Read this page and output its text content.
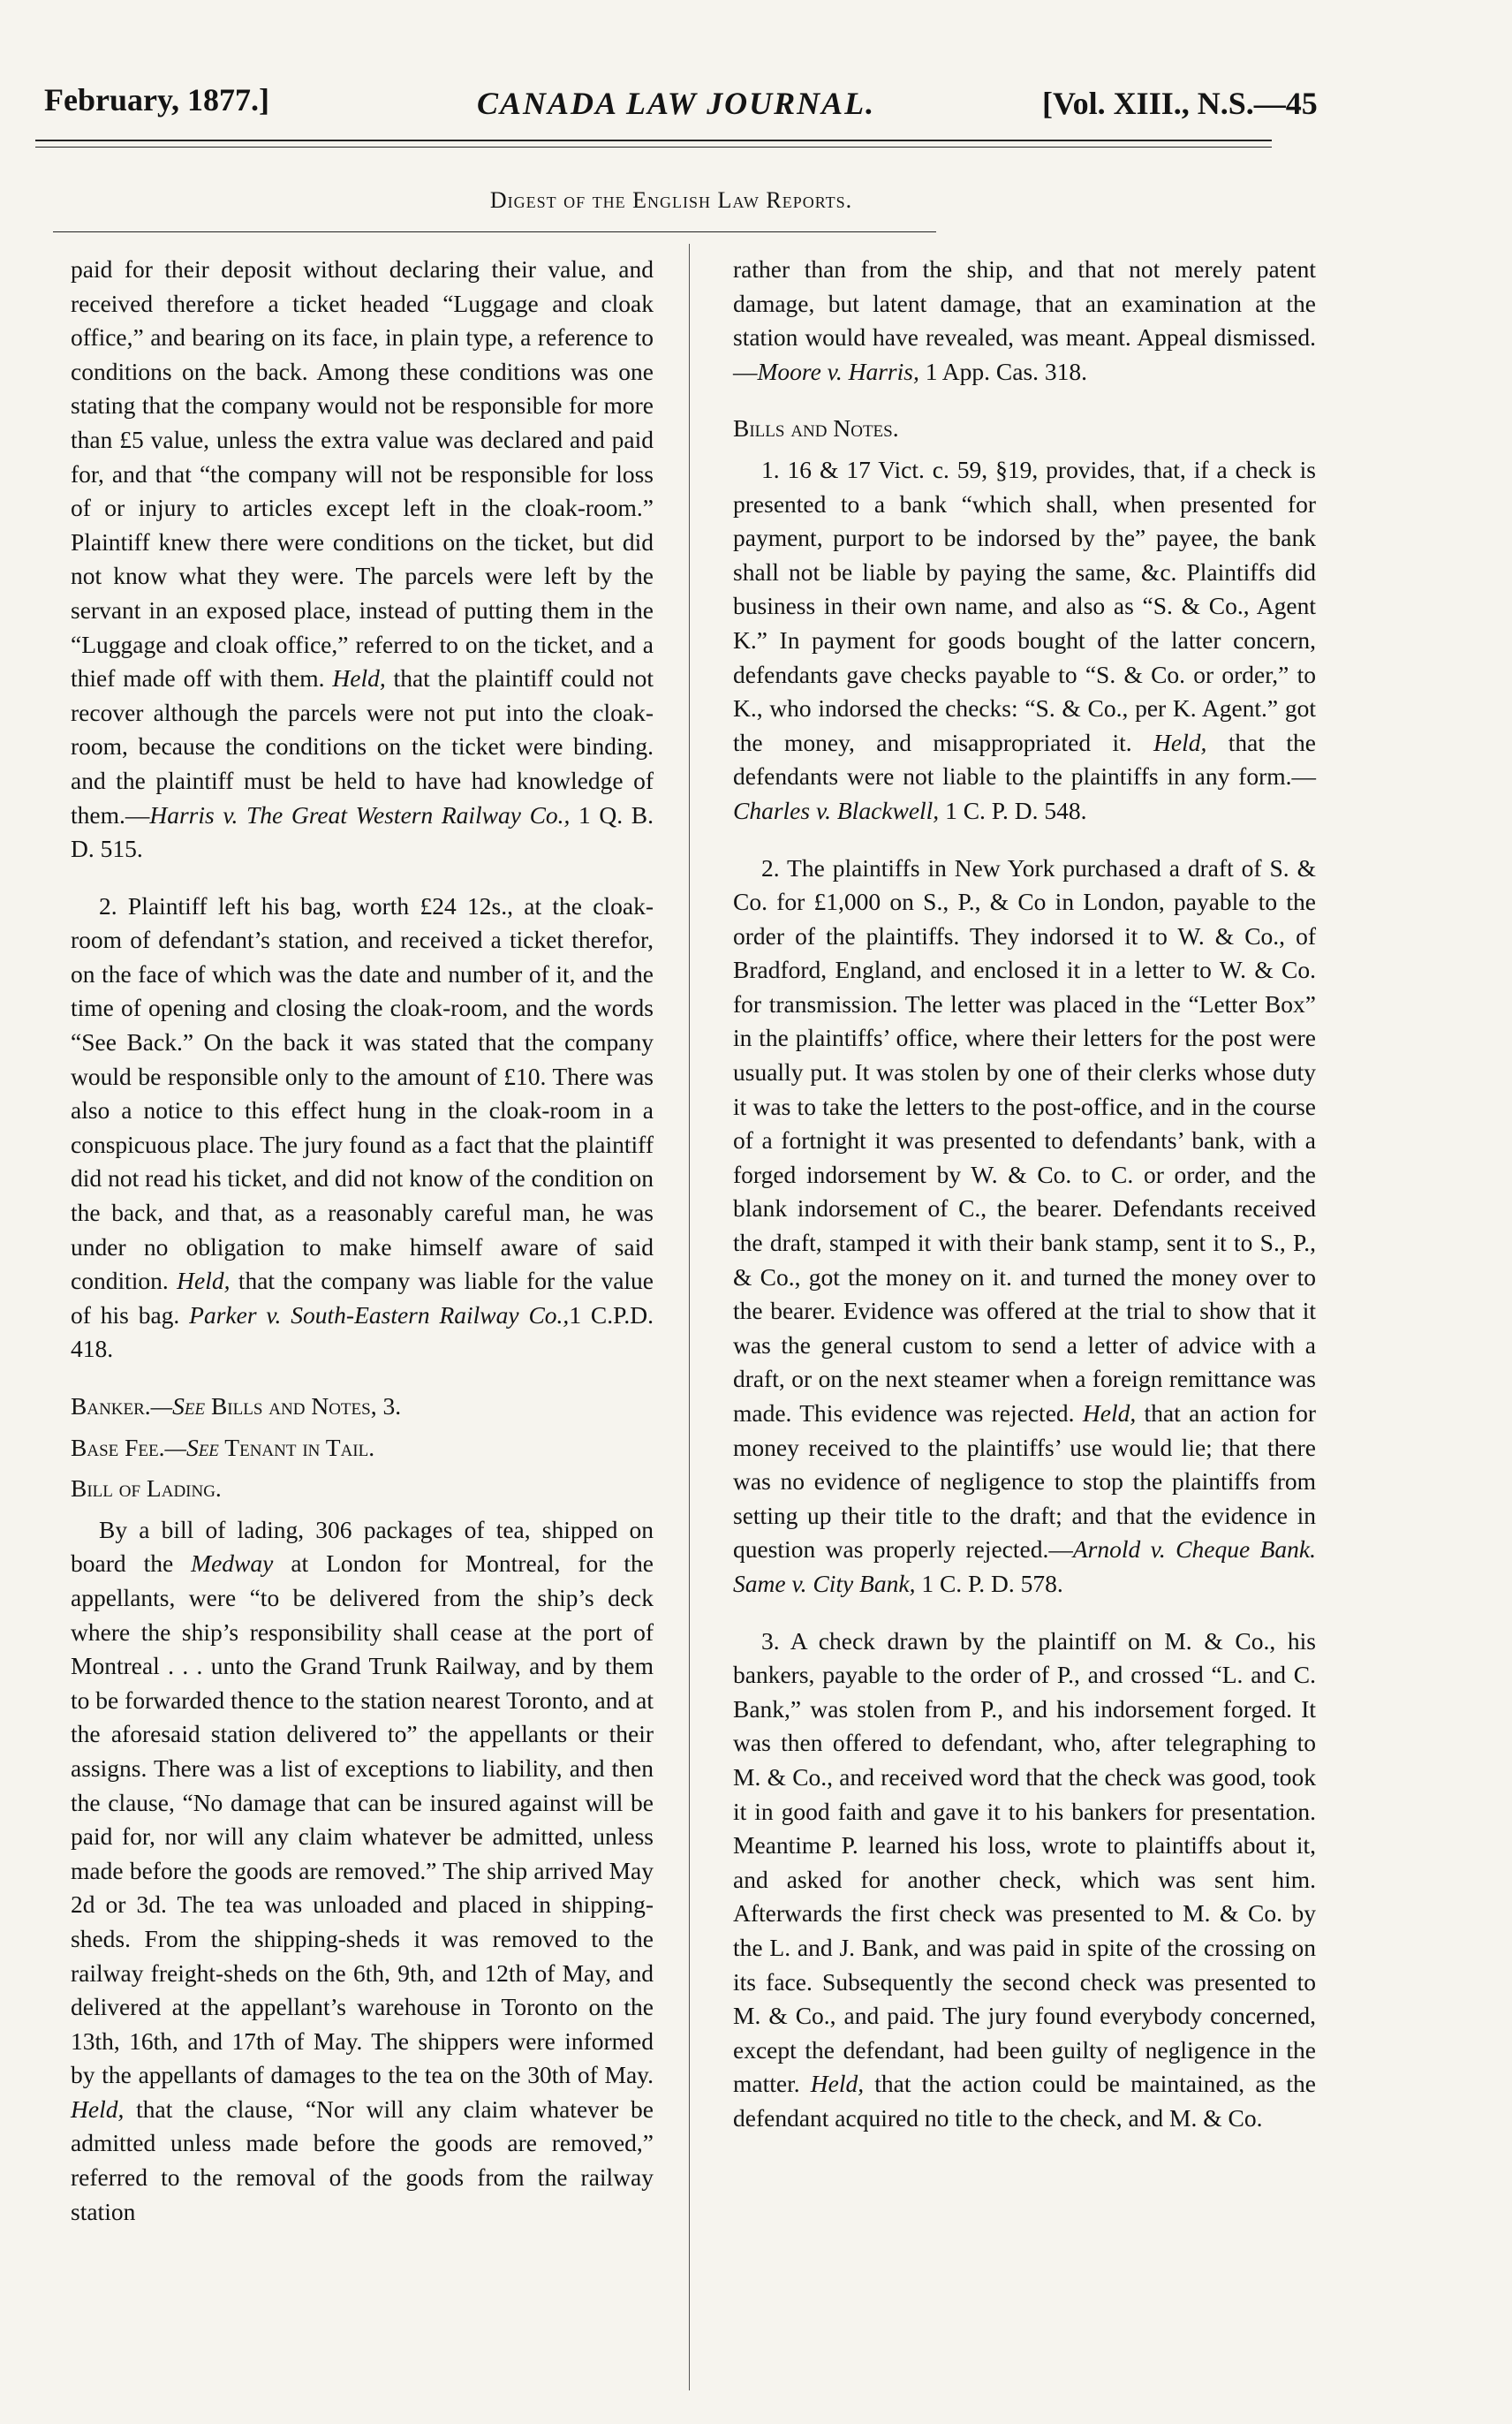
February, 1877.]	CANADA LAW JOURNAL.	[Vol. XIII., N.S.—45
Digest of the English Law Reports.

paid for their deposit without declaring their value, and received therefore a ticket headed “Luggage and cloak office,” and bearing on its face, in plain type, a reference to conditions on the back. Among these conditions was one stating that the company would not be responsible for more than £5 value, unless the extra value was declared and paid for, and that “the company will not be responsible for loss of or injury to articles except left in the cloak-room.” Plaintiff knew there were conditions on the ticket, but did not know what they were. The parcels were left by the servant in an exposed place, instead of putting them in the “Luggage and cloak office,” referred to on the ticket, and a thief made off with them. Held, that the plaintiff could not recover although the parcels were not put into the cloak-room, because the conditions on the ticket were binding. and the plaintiff must be held to have had knowledge of them.—Harris v. The Great Western Railway Co., 1 Q. B. D. 515.

2. Plaintiff left his bag, worth £24 12s., at the cloak-room of defendant’s station, and received a ticket therefor, on the face of which was the date and number of it, and the time of opening and closing the cloak-room, and the words “See Back.” On the back it was stated that the company would be responsible only to the amount of £10. There was also a notice to this effect hung in the cloak-room in a conspicuous place. The jury found as a fact that the plaintiff did not read his ticket, and did not know of the condition on the back, and that, as a reasonably careful man, he was under no obligation to make himself aware of said condition. Held, that the company was liable for the value of his bag. Parker v. South-Eastern Railway Co.,1 C.P.D. 418.

Banker.—See Bills and Notes, 3.

Base Fee.—See Tenant in Tail.

Bill of Lading.

By a bill of lading, 306 packages of tea, shipped on board the Medway at London for Montreal, for the appellants, were “to be delivered from the ship’s deck where the ship’s responsibility shall cease at the port of Montreal . . . unto the Grand Trunk Railway, and by them to be forwarded thence to the station nearest Toronto, and at the aforesaid station delivered to” the appellants or their assigns. There was a list of exceptions to liability, and then the clause, “No damage that can be insured against will be paid for, nor will any claim whatever be admitted, unless made before the goods are removed.” The ship arrived May 2d or 3d. The tea was unloaded and placed in shipping-sheds. From the shipping-sheds it was removed to the railway freight-sheds on the 6th, 9th, and 12th of May, and delivered at the appellant’s warehouse in Toronto on the 13th, 16th, and 17th of May. The shippers were informed by the appellants of damages to the tea on the 30th of May. Held, that the clause, “Nor will any claim whatever be admitted unless made before the goods are removed,” referred to the removal of the goods from the railway station

rather than from the ship, and that not merely patent damage, but latent damage, that an examination at the station would have revealed, was meant. Appeal dismissed.—Moore v. Harris, 1 App. Cas. 318.

Bills and Notes.

1. 16 & 17 Vict. c. 59, §19, provides, that, if a check is presented to a bank “which shall, when presented for payment, purport to be indorsed by the” payee, the bank shall not be liable by paying the same, &c. Plaintiffs did business in their own name, and also as “S. & Co., Agent K.” In payment for goods bought of the latter concern, defendants gave checks payable to “S. & Co. or order,” to K., who indorsed the checks: “S. & Co., per K. Agent.” got the money, and misappropriated it. Held, that the defendants were not liable to the plaintiffs in any form.—Charles v. Blackwell, 1 C. P. D. 548.

2. The plaintiffs in New York purchased a draft of S. & Co. for £1,000 on S., P., & Co in London, payable to the order of the plaintiffs. They indorsed it to W. & Co., of Bradford, England, and enclosed it in a letter to W. & Co. for transmission. The letter was placed in the “Letter Box” in the plaintiffs’ office, where their letters for the post were usually put. It was stolen by one of their clerks whose duty it was to take the letters to the post-office, and in the course of a fortnight it was presented to defendants’ bank, with a forged indorsement by W. & Co. to C. or order, and the blank indorsement of C., the bearer. Defendants received the draft, stamped it with their bank stamp, sent it to S., P., & Co., got the money on it. and turned the money over to the bearer. Evidence was offered at the trial to show that it was the general custom to send a letter of advice with a draft, or on the next steamer when a foreign remittance was made. This evidence was rejected. Held, that an action for money received to the plaintiffs’ use would lie; that there was no evidence of negligence to stop the plaintiffs from setting up their title to the draft; and that the evidence in question was properly rejected.—Arnold v. Cheque Bank. Same v. City Bank, 1 C. P. D. 578.

3. A check drawn by the plaintiff on M. & Co., his bankers, payable to the order of P., and crossed “L. and C. Bank,” was stolen from P., and his indorsement forged. It was then offered to defendant, who, after telegraphing to M. & Co., and received word that the check was good, took it in good faith and gave it to his bankers for presentation. Meantime P. learned his loss, wrote to plaintiffs about it, and asked for another check, which was sent him. Afterwards the first check was presented to M. & Co. by the L. and J. Bank, and was paid in spite of the crossing on its face. Subsequently the second check was presented to M. & Co., and paid. The jury found everybody concerned, except the defendant, had been guilty of negligence in the matter. Held, that the action could be maintained, as the defendant acquired no title to the check, and M. & Co.
